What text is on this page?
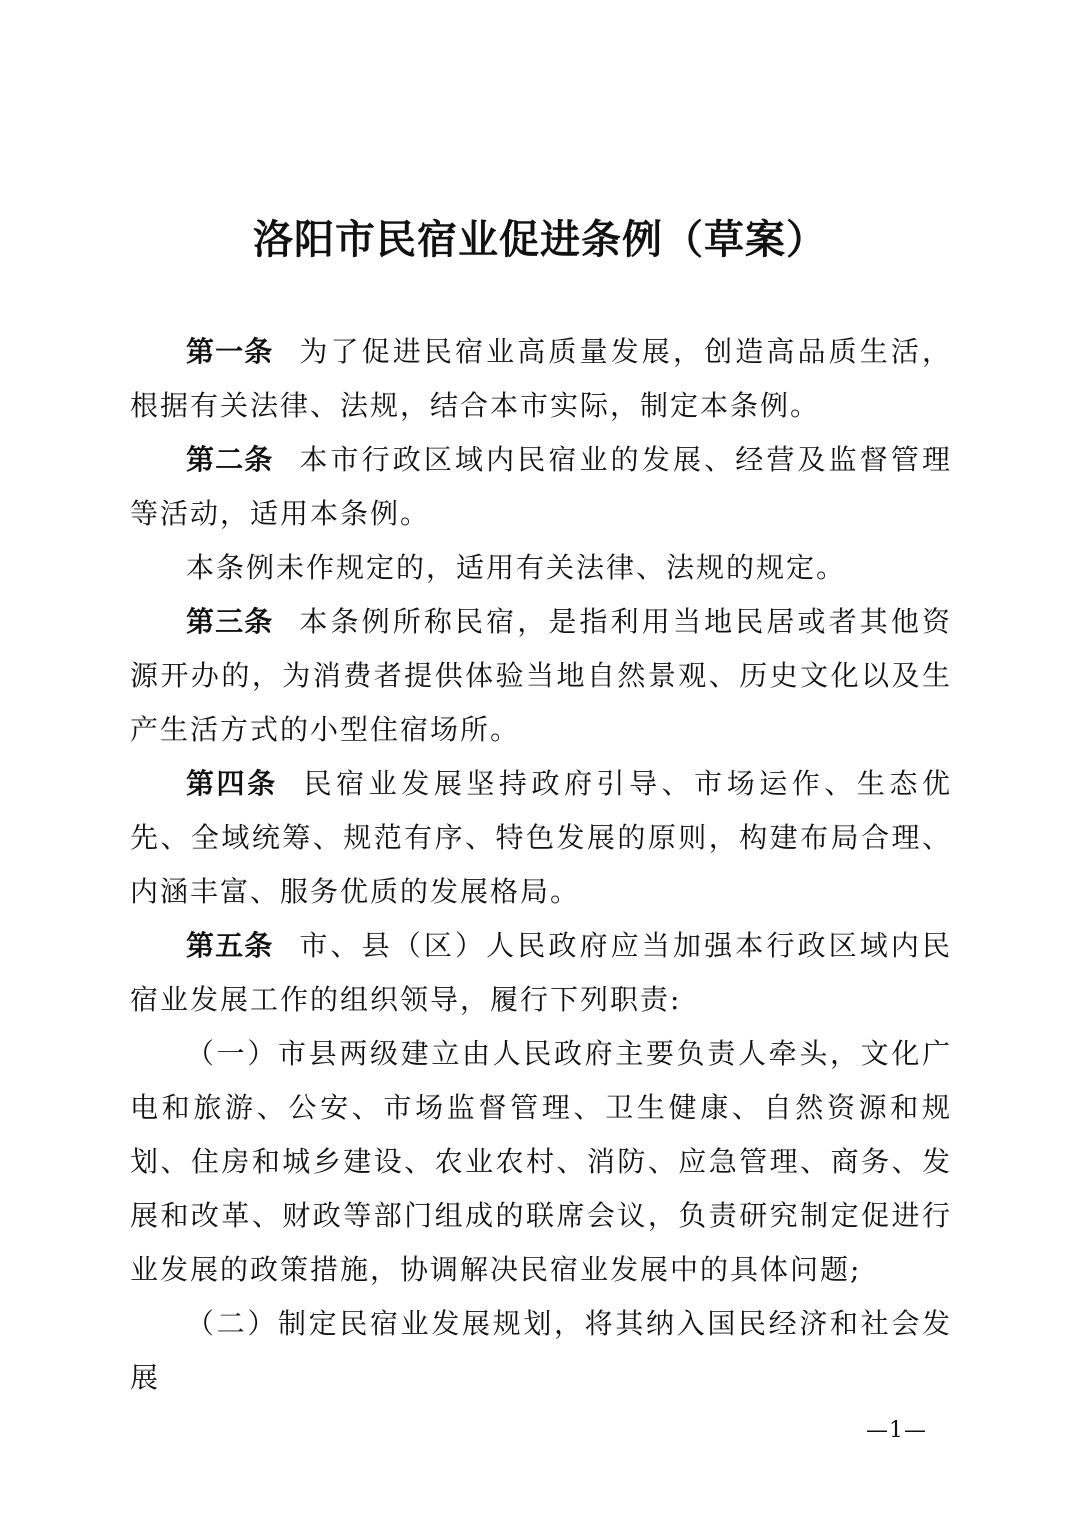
洛阳市民宿业促进条例（草案）

第一条 为了促进民宿业高质量发展，创造高品质生活，根据有关法律、法规，结合本市实际，制定本条例。

第二条 本市行政区域内民宿业的发展、经营及监督管理等活动，适用本条例。

本条例未作规定的，适用有关法律、法规的规定。

第三条 本条例所称民宿，是指利用当地民居或者其他资源开办的，为消费者提供体验当地自然景观、历史文化以及生产生活方式的小型住宿场所。

第四条 民宿业发展坚持政府引导、市场运作、生态优先、全域统筹、规范有序、特色发展的原则，构建布局合理、内涵丰富、服务优质的发展格局。

第五条 市、县（区）人民政府应当加强本行政区域内民宿业发展工作的组织领导，履行下列职责:

（一）市县两级建立由人民政府主要负责人牵头，文化广电和旅游、公安、市场监督管理、卫生健康、自然资源和规划、住房和城乡建设、农业农村、消防、应急管理、商务、发展和改革、财政等部门组成的联席会议，负责研究制定促进行业发展的政策措施，协调解决民宿业发展中的具体问题;

（二）制定民宿业发展规划，将其纳入国民经济和社会发展

—1—
